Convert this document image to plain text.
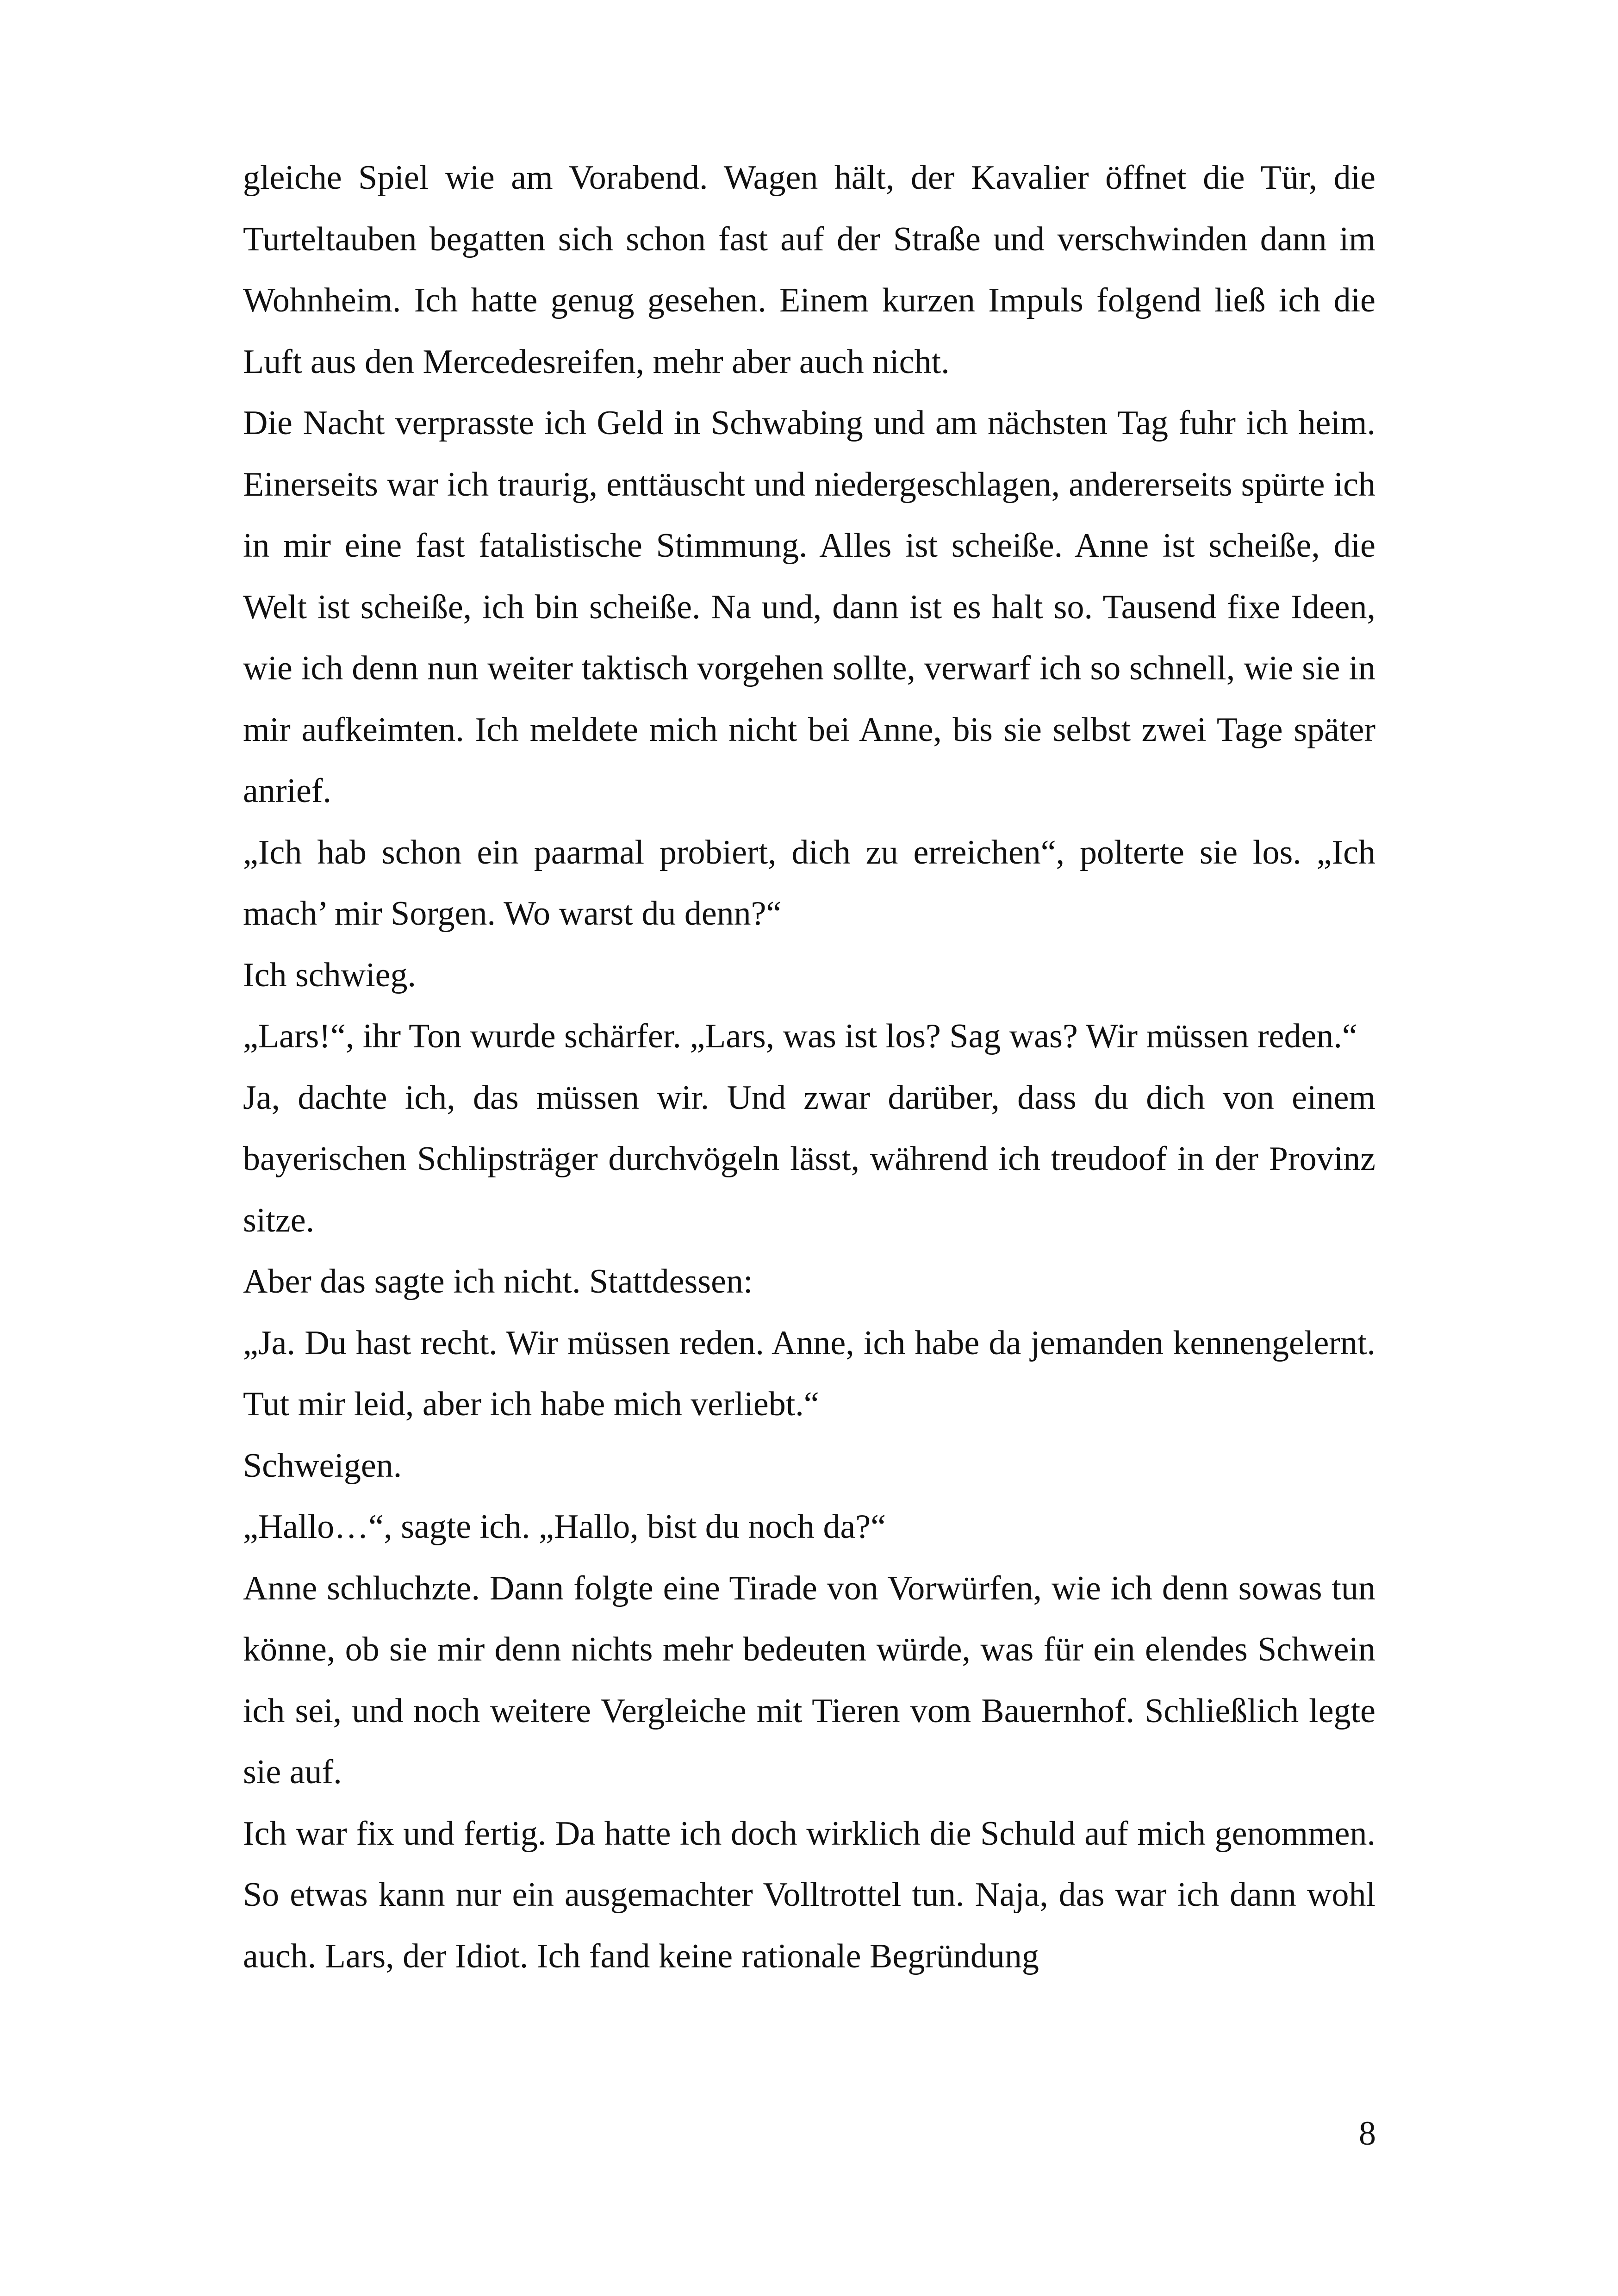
gleiche Spiel wie am Vorabend. Wagen hält, der Kavalier öffnet die Tür, die Turteltauben begatten sich schon fast auf der Straße und verschwinden dann im Wohnheim. Ich hatte genug gesehen. Einem kurzen Impuls folgend ließ ich die Luft aus den Mercedesreifen, mehr aber auch nicht.

Die Nacht verprasste ich Geld in Schwabing und am nächsten Tag fuhr ich heim. Einerseits war ich traurig, enttäuscht und niedergeschlagen, andererseits spürte ich in mir eine fast fatalistische Stimmung. Alles ist scheiße. Anne ist scheiße, die Welt ist scheiße, ich bin scheiße. Na und, dann ist es halt so. Tausend fixe Ideen, wie ich denn nun weiter taktisch vorgehen sollte, verwarf ich so schnell, wie sie in mir aufkeimten. Ich meldete mich nicht bei Anne, bis sie selbst zwei Tage später anrief.

„Ich hab schon ein paarmal probiert, dich zu erreichen“, polterte sie los. „Ich mach’ mir Sorgen. Wo warst du denn?“

Ich schwieg.

„Lars!“, ihr Ton wurde schärfer. „Lars, was ist los? Sag was? Wir müssen reden.“

Ja, dachte ich, das müssen wir. Und zwar darüber, dass du dich von einem bayerischen Schlipsträger durchvögeln lässt, während ich treudoof in der Provinz sitze.

Aber das sagte ich nicht. Stattdessen:

„Ja. Du hast recht. Wir müssen reden. Anne, ich habe da jemanden kennengelernt. Tut mir leid, aber ich habe mich verliebt.“

Schweigen.

„Hallo…“, sagte ich. „Hallo, bist du noch da?“

Anne schluchzte. Dann folgte eine Tirade von Vorwürfen, wie ich denn sowas tun könne, ob sie mir denn nichts mehr bedeuten würde, was für ein elendes Schwein ich sei, und noch weitere Vergleiche mit Tieren vom Bauernhof. Schließlich legte sie auf.

Ich war fix und fertig. Da hatte ich doch wirklich die Schuld auf mich genommen. So etwas kann nur ein ausgemachter Volltrottel tun. Naja, das war ich dann wohl auch. Lars, der Idiot. Ich fand keine rationale Begründung

8
